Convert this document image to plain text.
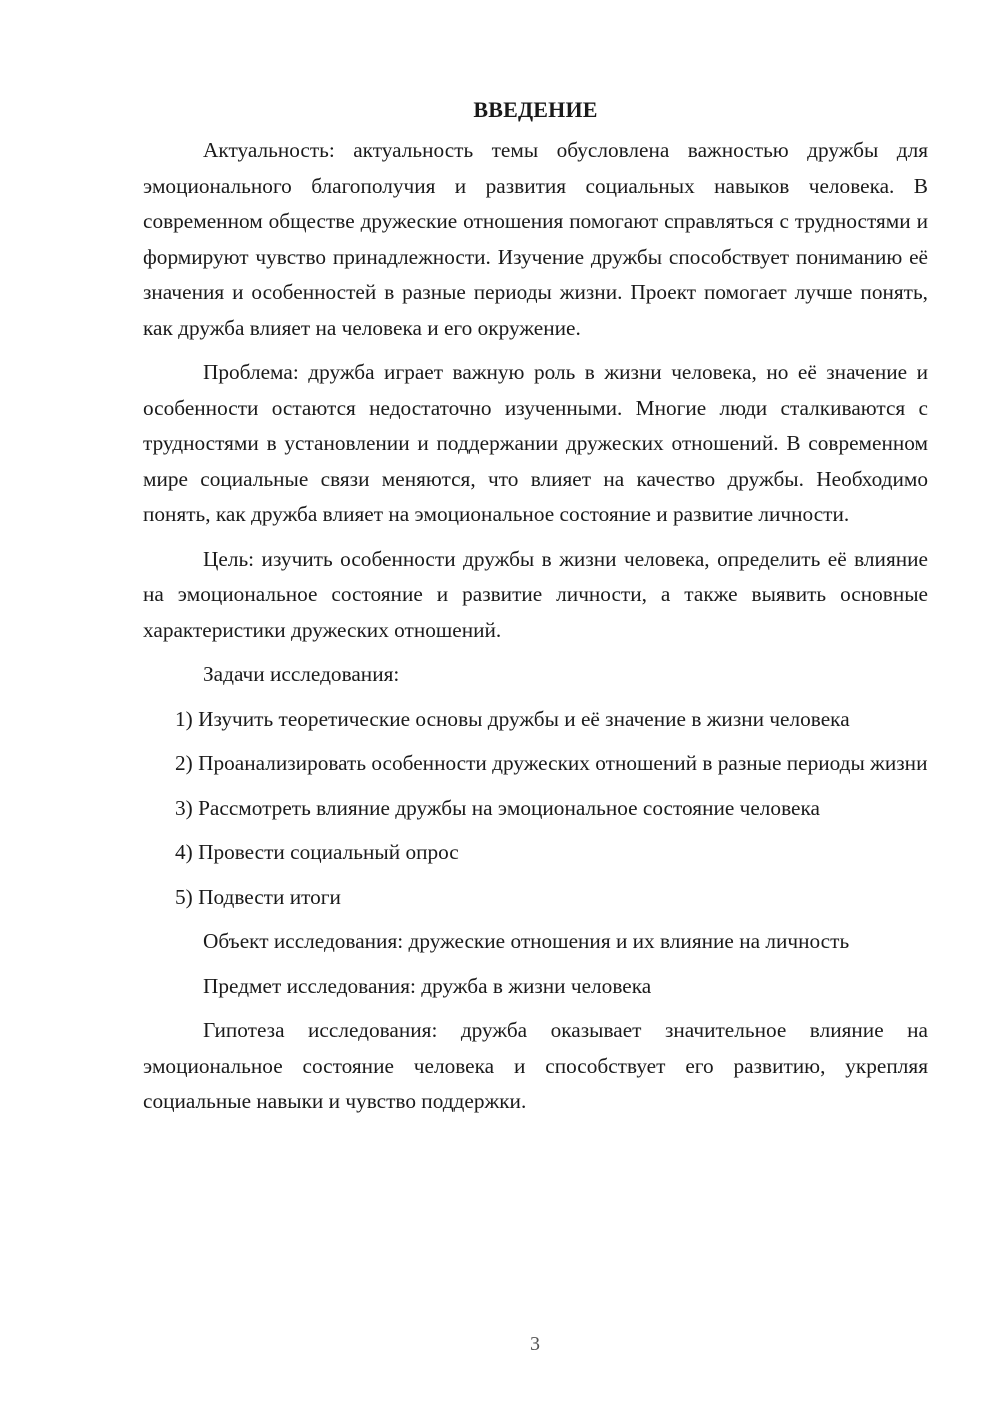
ВВЕДЕНИЕ

Актуальность: актуальность темы обусловлена важностью дружбы для эмоционального благополучия и развития социальных навыков человека. В современном обществе дружеские отношения помогают справляться с трудностями и формируют чувство принадлежности. Изучение дружбы способствует пониманию её значения и особенностей в разные периоды жизни. Проект помогает лучше понять, как дружба влияет на человека и его окружение.

Проблема: дружба играет важную роль в жизни человека, но её значение и особенности остаются недостаточно изученными. Многие люди сталкиваются с трудностями в установлении и поддержании дружеских отношений. В современном мире социальные связи меняются, что влияет на качество дружбы. Необходимо понять, как дружба влияет на эмоциональное состояние и развитие личности.

Цель: изучить особенности дружбы в жизни человека, определить её влияние на эмоциональное состояние и развитие личности, а также выявить основные характеристики дружеских отношений.

Задачи исследования:

1) Изучить теоретические основы дружбы и её значение в жизни человека

2) Проанализировать особенности дружеских отношений в разные периоды жизни

3) Рассмотреть влияние дружбы на эмоциональное состояние человека

4) Провести социальный опрос

5) Подвести итоги

Объект исследования: дружеские отношения и их влияние на личность

Предмет исследования: дружба в жизни человека

Гипотеза исследования: дружба оказывает значительное влияние на эмоциональное состояние человека и способствует его развитию, укрепляя социальные навыки и чувство поддержки.

3
